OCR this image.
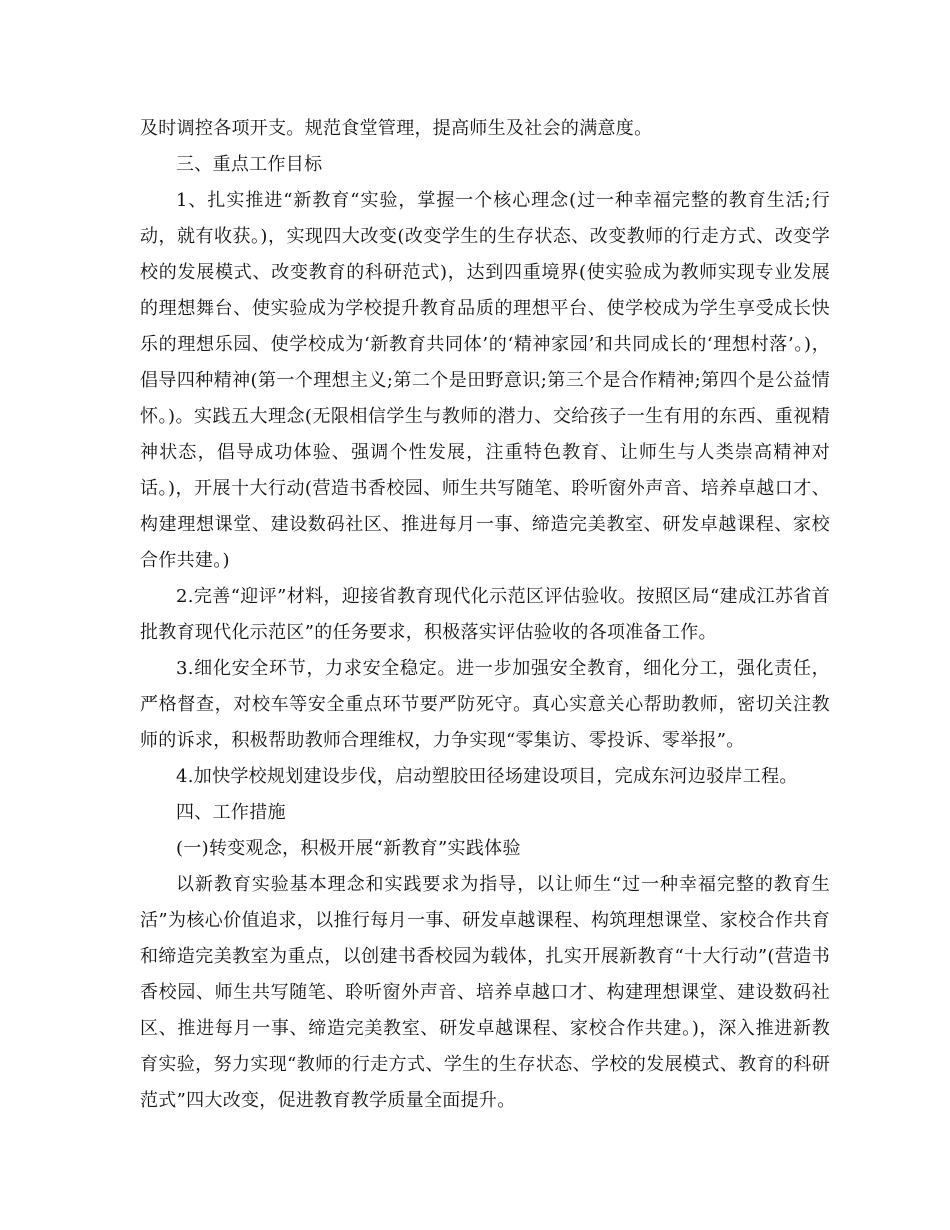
及时调控各项开支。规范食堂管理，提高师生及社会的满意度。

三、重点工作目标

1、扎实推进“新教育“实验，掌握一个核心理念(过一种幸福完整的教育生活;行动，就有收获。)，实现四大改变(改变学生的生存状态、改变教师的行走方式、改变学校的发展模式、改变教育的科研范式)，达到四重境界(使实验成为教师实现专业发展的理想舞台、使实验成为学校提升教育品质的理想平台、使学校成为学生享受成长快乐的理想乐园、使学校成为‘新教育共同体’的‘精神家园’和共同成长的‘理想村落’。)，倡导四种精神(第一个理想主义;第二个是田野意识;第三个是合作精神;第四个是公益情怀。)。实践五大理念(无限相信学生与教师的潜力、交给孩子一生有用的东西、重视精神状态，倡导成功体验、强调个性发展，注重特色教育、让师生与人类崇高精神对话。)，开展十大行动(营造书香校园、师生共写随笔、聆听窗外声音、培养卓越口才、构建理想课堂、建设数码社区、推进每月一事、缔造完美教室、研发卓越课程、家校合作共建。)

2.完善“迎评”材料，迎接省教育现代化示范区评估验收。按照区局“建成江苏省首批教育现代化示范区”的任务要求，积极落实评估验收的各项准备工作。

3.细化安全环节，力求安全稳定。进一步加强安全教育，细化分工，强化责任，严格督查，对校车等安全重点环节要严防死守。真心实意关心帮助教师，密切关注教师的诉求，积极帮助教师合理维权，力争实现“零集访、零投诉、零举报”。

4.加快学校规划建设步伐，启动塑胶田径场建设项目，完成东河边驳岸工程。

四、工作措施

(一)转变观念，积极开展“新教育”实践体验

以新教育实验基本理念和实践要求为指导，以让师生“过一种幸福完整的教育生活”为核心价值追求，以推行每月一事、研发卓越课程、构筑理想课堂、家校合作共育和缔造完美教室为重点，以创建书香校园为载体，扎实开展新教育“十大行动”(营造书香校园、师生共写随笔、聆听窗外声音、培养卓越口才、构建理想课堂、建设数码社区、推进每月一事、缔造完美教室、研发卓越课程、家校合作共建。)，深入推进新教育实验，努力实现“教师的行走方式、学生的生存状态、学校的发展模式、教育的科研范式”四大改变，促进教育教学质量全面提升。
